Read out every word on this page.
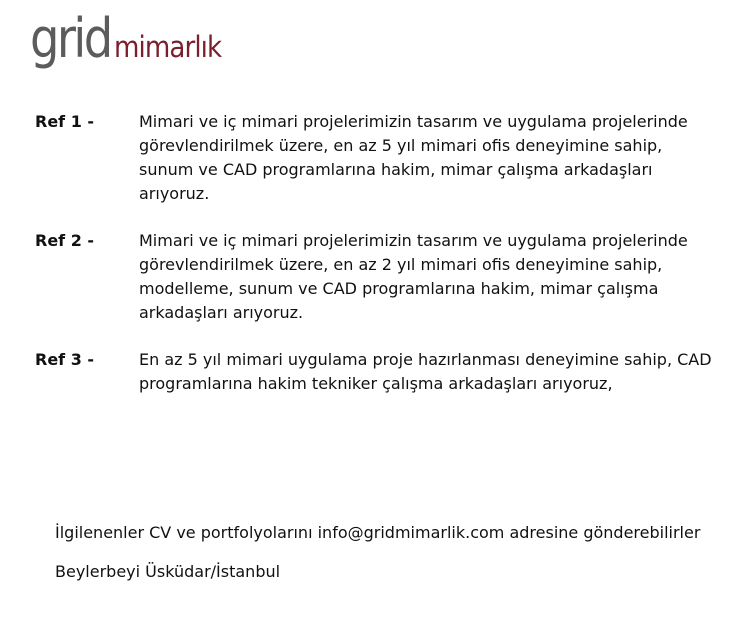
grid mimarlık
Ref 1 -	Mimari ve iç mimari projelerimizin tasarım ve uygulama projelerinde görevlendirilmek üzere, en az 5 yıl mimari ofis deneyimine sahip, sunum ve CAD programlarına hakim, mimar çalışma arkadaşları arıyoruz.
Ref 2 -	Mimari ve iç mimari projelerimizin tasarım ve uygulama projelerinde görevlendirilmek üzere, en az 2 yıl mimari ofis deneyimine sahip, modelleme, sunum ve CAD programlarına hakim, mimar çalışma arkadaşları arıyoruz.
Ref 3 -	En az 5 yıl mimari uygulama proje hazırlanması deneyimine sahip, CAD programlarına hakim tekniker çalışma arkadaşları arıyoruz,
İlgilenenler CV ve portfolyolarını info@gridmimarlik.com adresine gönderebilirler
Beylerbeyi Üsküdar/İstanbul
